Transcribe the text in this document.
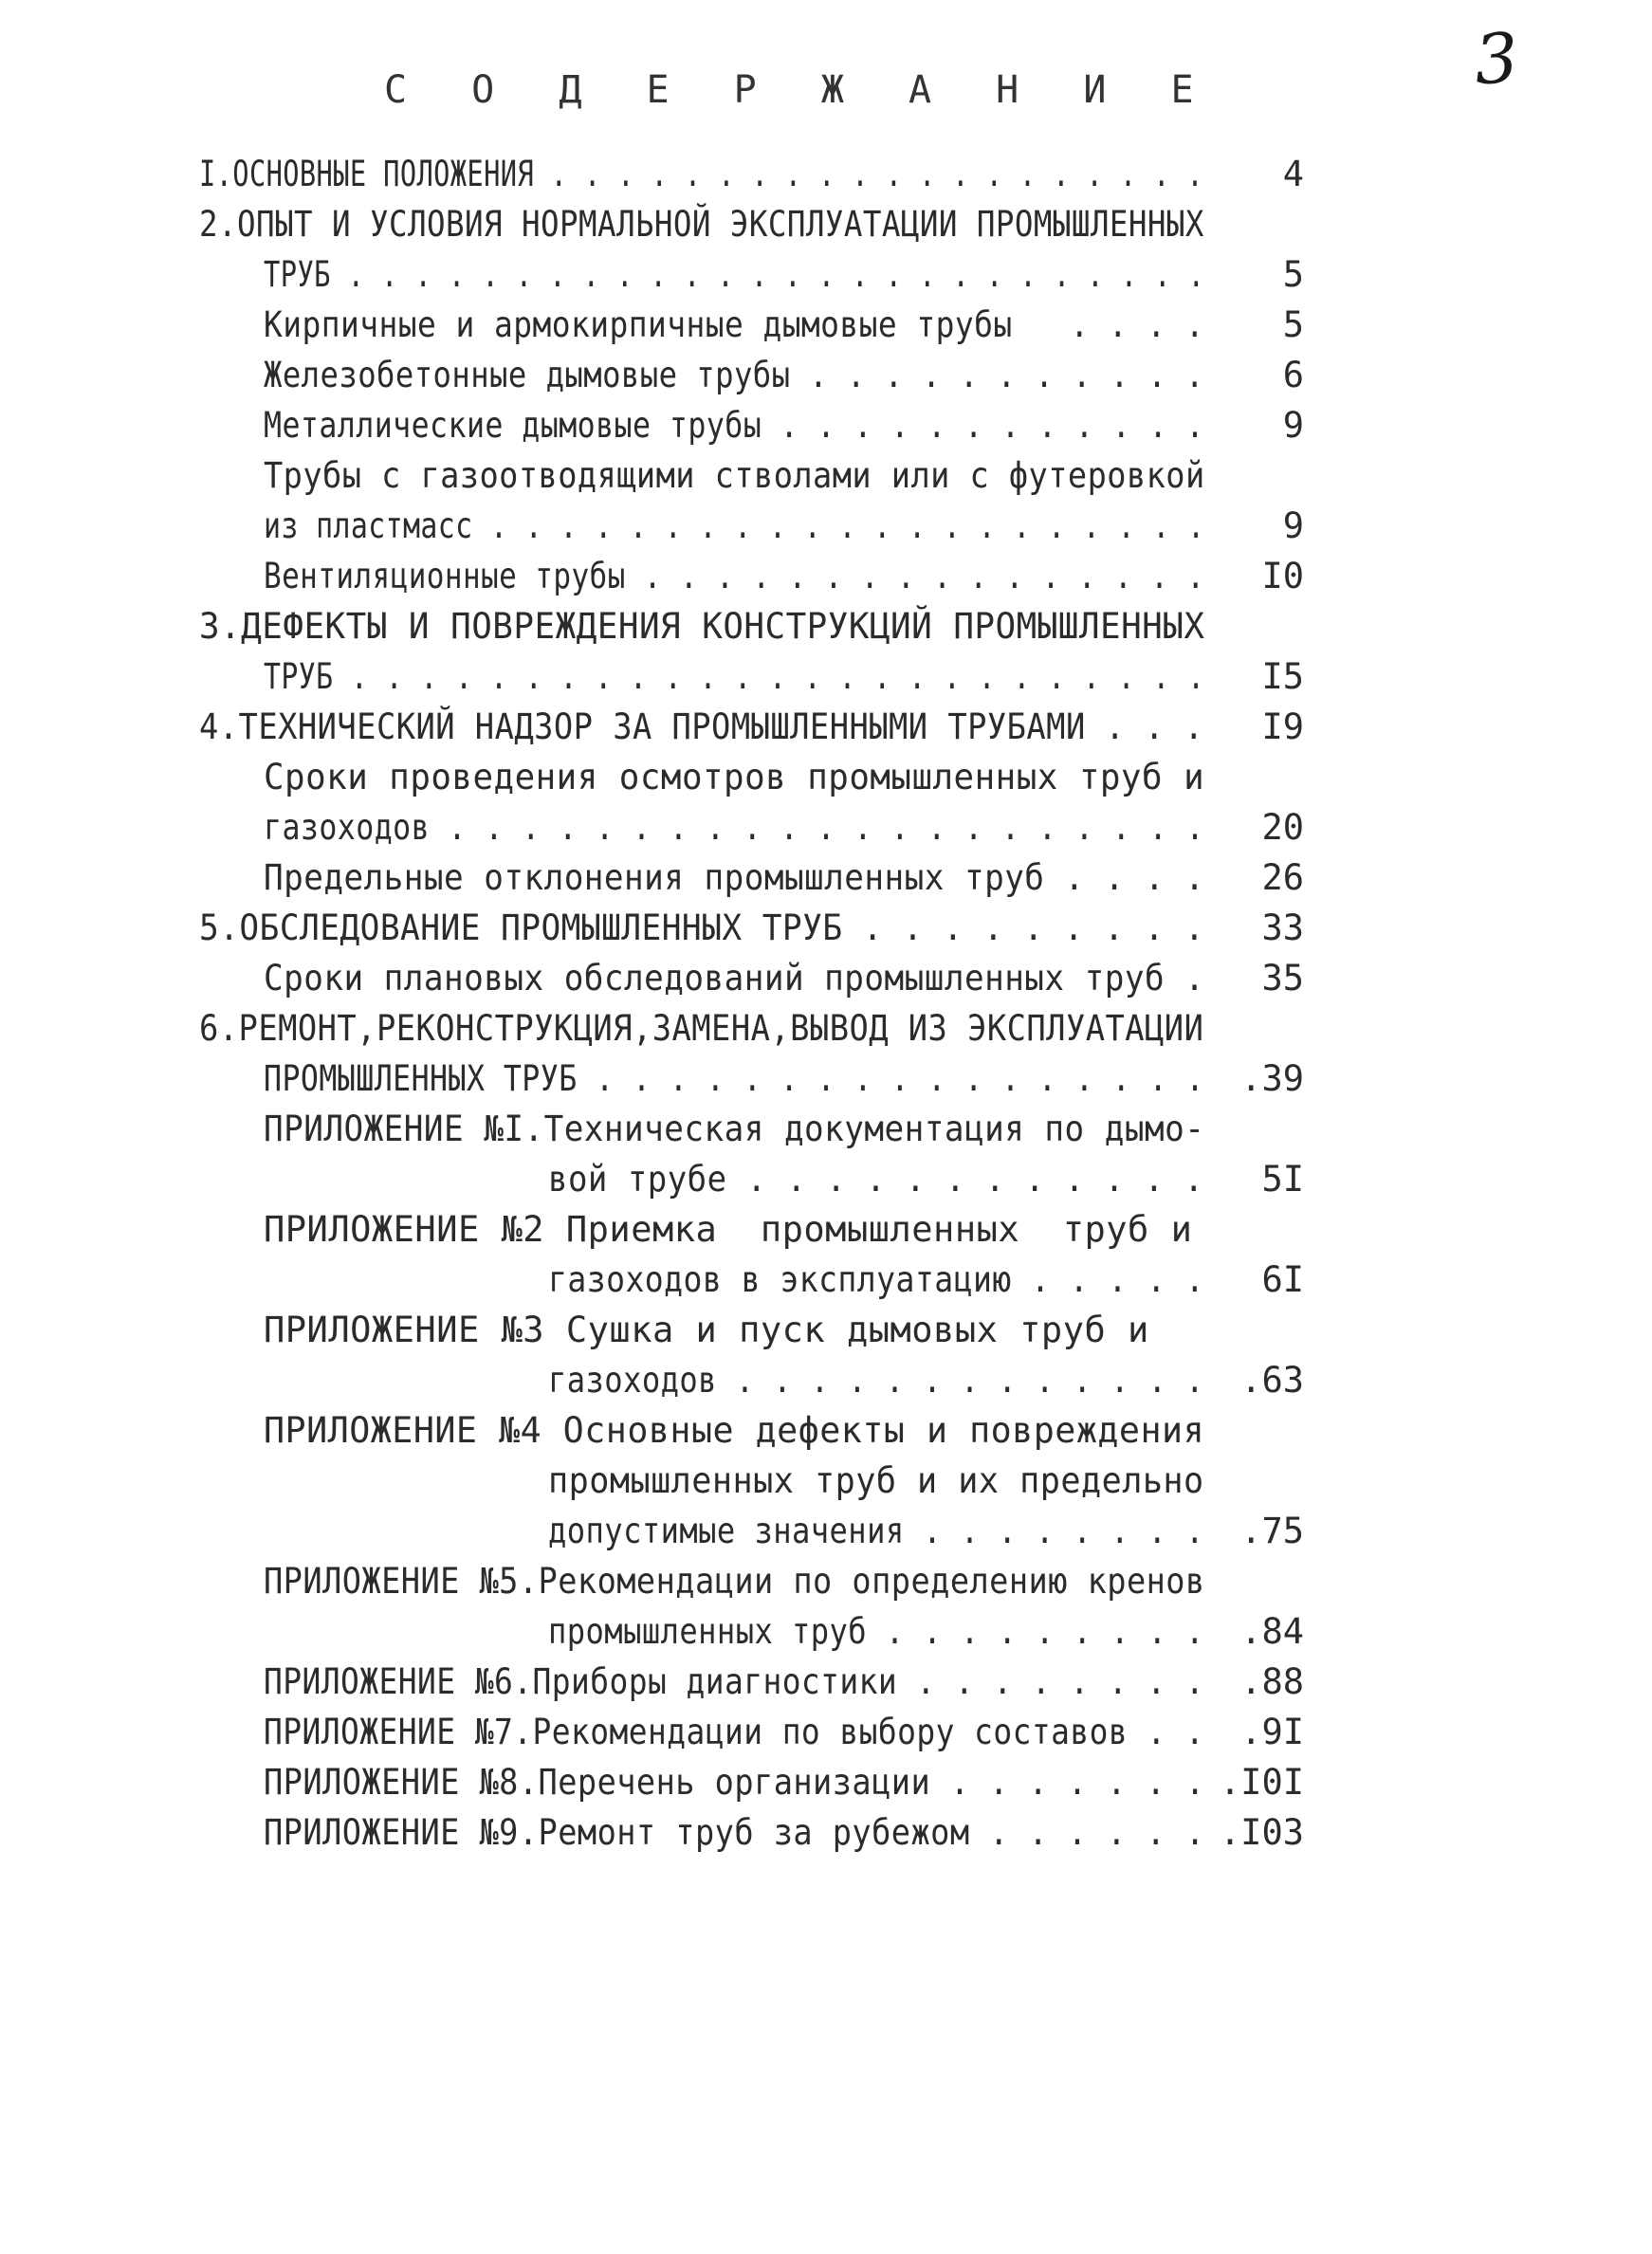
3
С О Д Е Р Ж А Н И Е
I.ОСНОВНЫЕ ПОЛОЖЕНИЯ . . . . . . . . . . . . . . . . . . . .	4
2.ОПЫТ И УСЛОВИЯ НОРМАЛЬНОЙ ЭКСПЛУАТАЦИИ ПРОМЫШЛЕННЫХ
ТРУБ . . . . . . . . . . . . . . . . . . . . . . . . . .	5
Кирпичные и армокирпичные дымовые трубы   . . . .	5
Железобетонные дымовые трубы . . . . . . . . . . .	6
Металлические дымовые трубы . . . . . . . . . . . .	9
Трубы с газоотводящими стволами или с футеровкой
из пластмасс . . . . . . . . . . . . . . . . . . . . .	9
Вентиляционные трубы . . . . . . . . . . . . . . . .	I0
3.ДЕФЕКТЫ И ПОВРЕЖДЕНИЯ КОНСТРУКЦИЙ ПРОМЫШЛЕННЫХ
ТРУБ . . . . . . . . . . . . . . . . . . . . . . . . .	I5
4.ТЕХНИЧЕСКИЙ НАДЗОР ЗА ПРОМЫШЛЕННЫМИ ТРУБАМИ . . .	I9
Сроки проведения осмотров промышленных труб и
газоходов . . . . . . . . . . . . . . . . . . . . .	20
Предельные отклонения промышленных труб . . . .	26
5.ОБСЛЕДОВАНИЕ ПРОМЫШЛЕННЫХ ТРУБ . . . . . . . . .	33
Сроки плановых обследований промышленных труб .	35
6.РЕМОНТ,РЕКОНСТРУКЦИЯ,ЗАМЕНА,ВЫВОД ИЗ ЭКСПЛУАТАЦИИ
ПРОМЫШЛЕННЫХ ТРУБ . . . . . . . . . . . . . . . . .	.39
ПРИЛОЖЕНИЕ №I.Техническая документация по дымо-
вой трубе . . . . . . . . . . . .	5I
ПРИЛОЖЕНИЕ №2 Приемка  промышленных  труб и
газоходов в эксплуатацию . . . . .	6I
ПРИЛОЖЕНИЕ №3 Сушка и пуск дымовых труб и
газоходов . . . . . . . . . . . . .	.63
ПРИЛОЖЕНИЕ №4 Основные дефекты и повреждения
промышленных труб и их предельно
допустимые значения . . . . . . . .	.75
ПРИЛОЖЕНИЕ №5.Рекомендации по определению кренов
промышленных труб . . . . . . . . .	.84
ПРИЛОЖЕНИЕ №6.Приборы диагностики . . . . . . . .	.88
ПРИЛОЖЕНИЕ №7.Рекомендации по выбору составов . .	.9I
ПРИЛОЖЕНИЕ №8.Перечень организации . . . . . . . .I0I
ПРИЛОЖЕНИЕ №9.Ремонт труб за рубежом . . . . . . .I03
